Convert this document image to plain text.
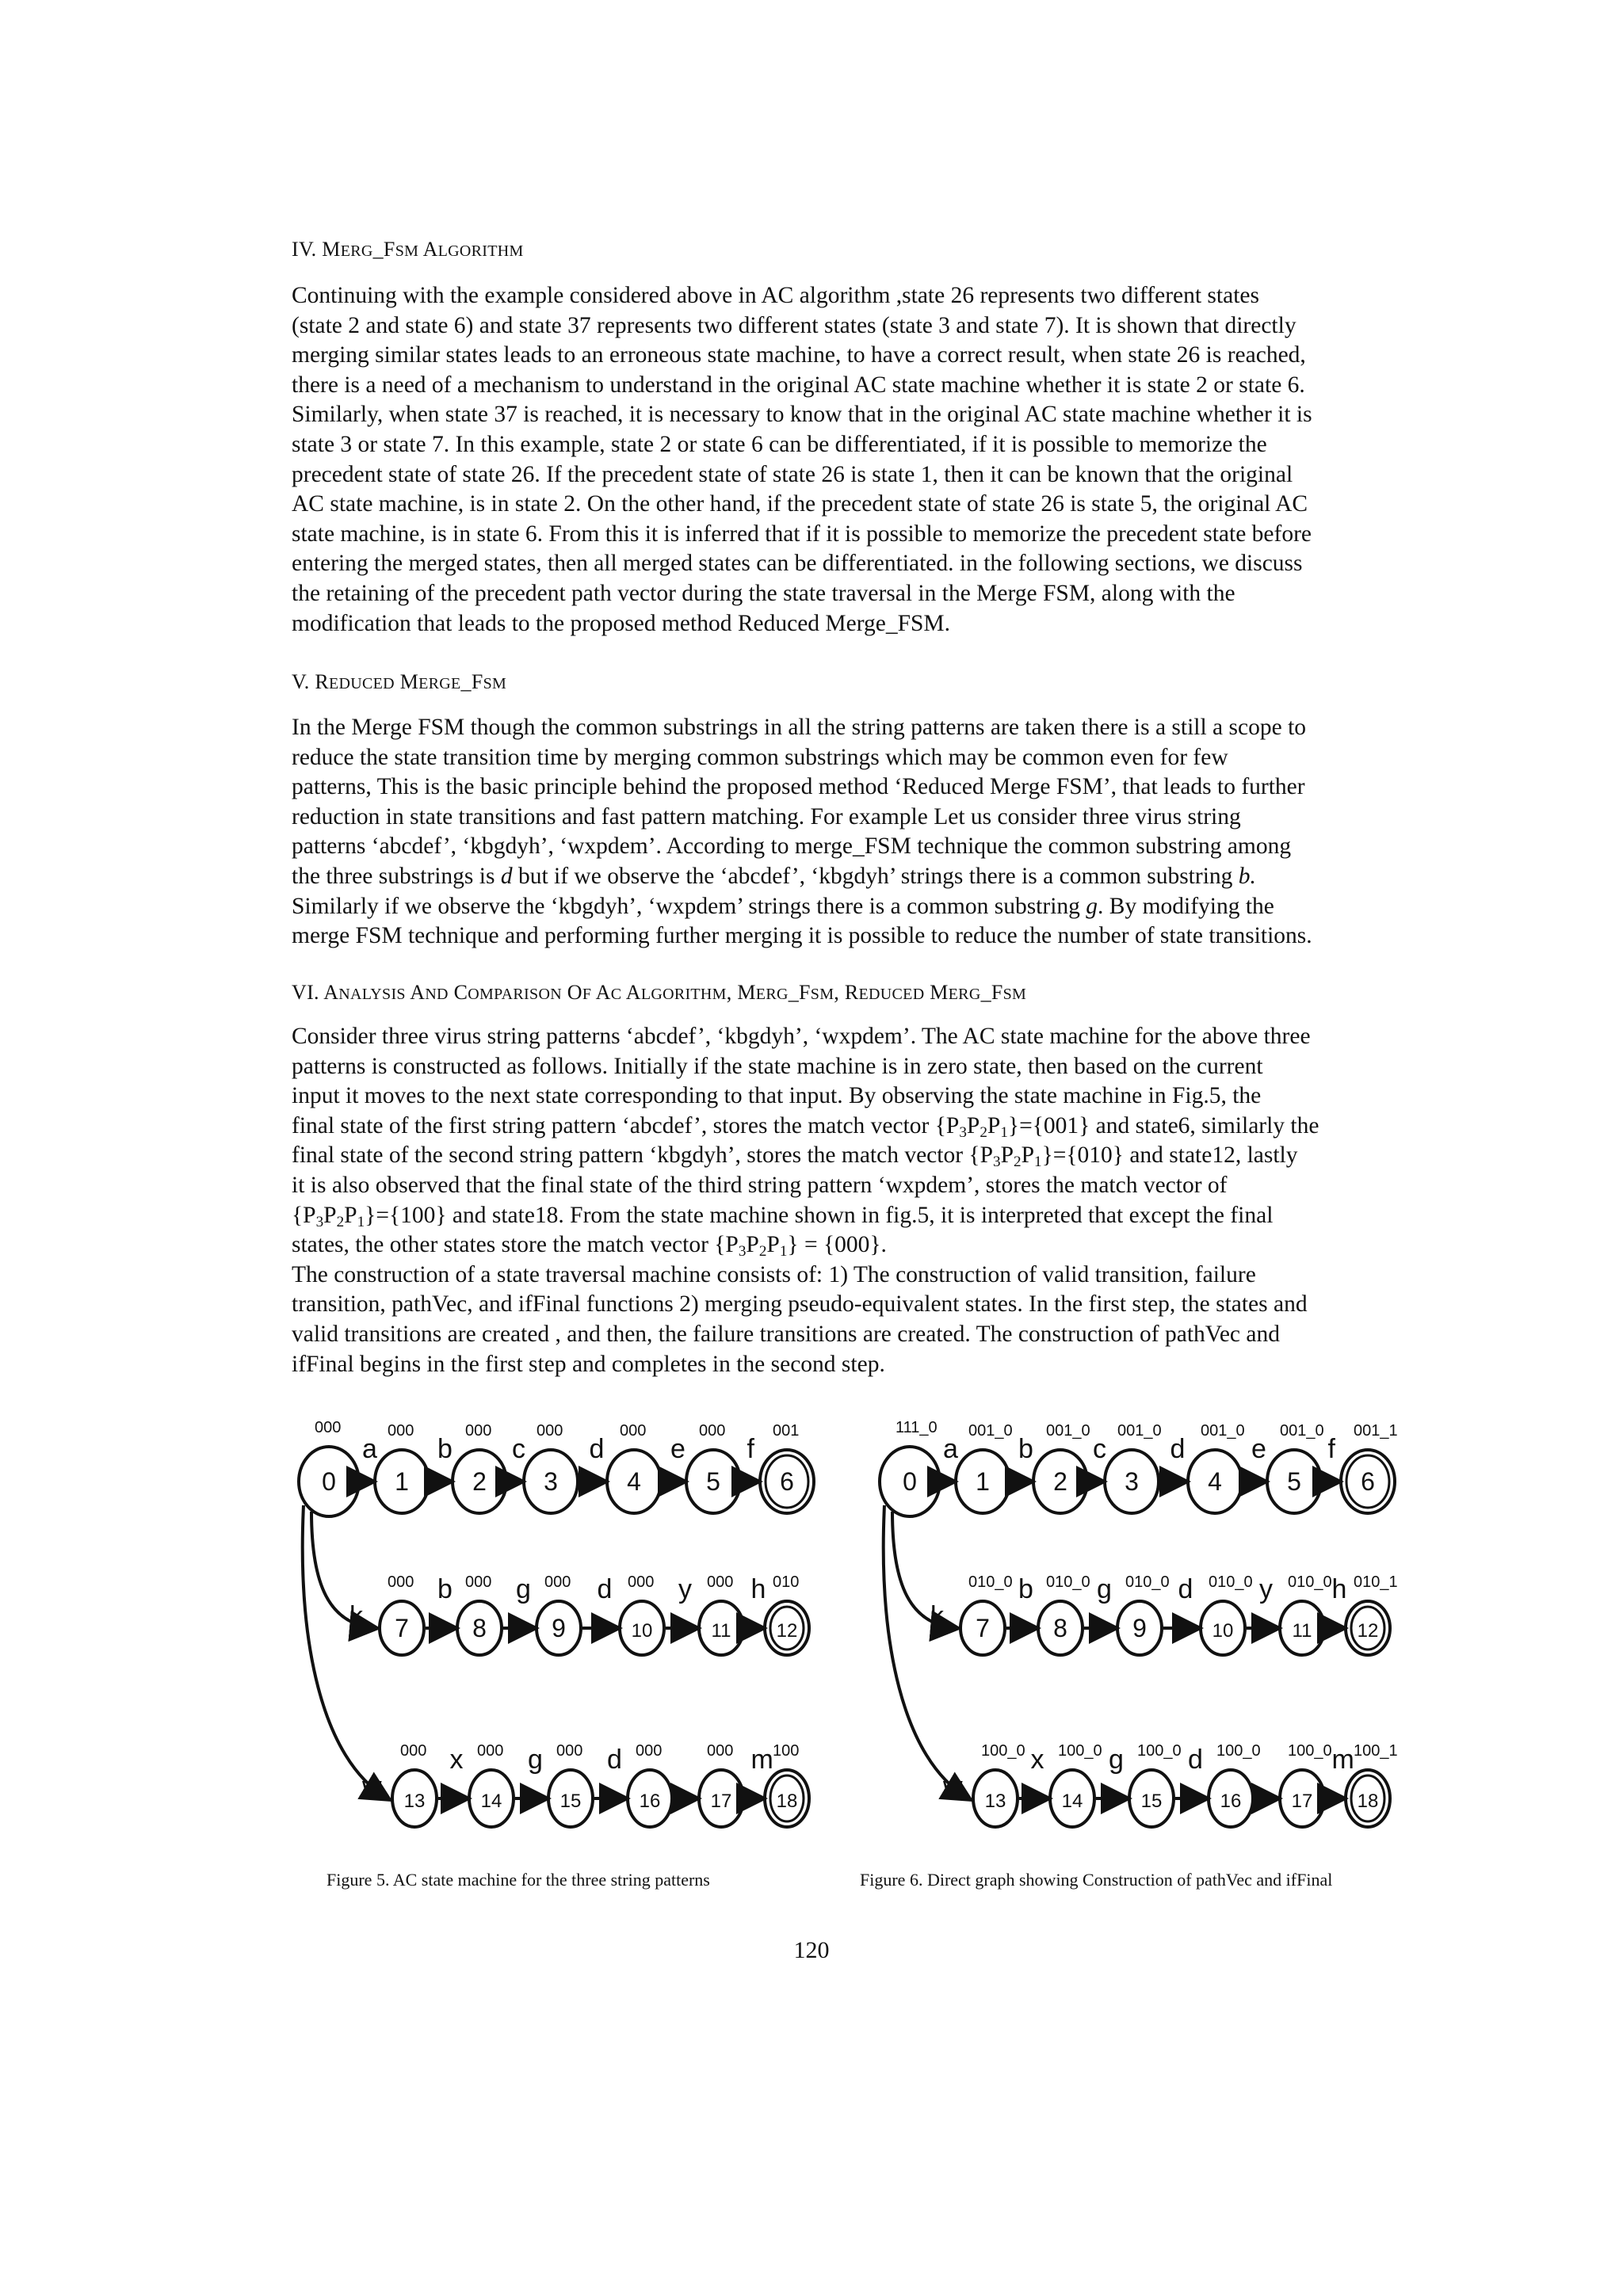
IV. MERG_FSM ALGORITHM

Continuing with the example considered above in AC algorithm ,state 26 represents two different states
(state 2 and state 6) and state 37 represents two different states (state 3 and state 7). It is shown that directly
merging similar states leads to an erroneous state machine, to have a correct result, when state 26 is reached,
there is a need of a mechanism to understand in the original AC state machine whether it is state 2 or state 6.
Similarly, when state 37 is reached, it is necessary to know that in the original AC state machine whether it is
state 3 or state 7. In this example, state 2 or state 6 can be differentiated, if it is possible to memorize the
precedent state of state 26. If the precedent state of state 26 is state 1, then it can be known that the original
AC state machine, is in state 2. On the other hand, if the precedent state of state 26 is state 5, the original AC
state machine, is in state 6. From this it is inferred that if it is possible to memorize the precedent state before
entering the merged states, then all merged states can be differentiated. in the following sections, we discuss
the retaining of the precedent path vector during the state traversal in the Merge FSM, along with the
modification that leads to the proposed method Reduced Merge_FSM.

V. REDUCED MERGE_FSM

In the Merge FSM though the common substrings in all the string patterns are taken there is a still a scope to
reduce the state transition time by merging common substrings which may be common even for few
patterns, This is the basic principle behind the proposed method ‘Reduced Merge FSM’, that leads to further
reduction in state transitions and fast pattern matching. For example Let us consider three virus string
patterns ‘abcdef’, ‘kbgdyh’, ‘wxpdem’. According to merge_FSM technique the common substring among
the three substrings is d but if we observe the ‘abcdef’, ‘kbgdyh’ strings there is a common substring b.
Similarly if we observe the ‘kbgdyh’, ‘wxpdem’ strings there is a common substring g. By modifying the
merge FSM technique and performing further merging it is possible to reduce the number of state transitions.

VI. ANALYSIS AND COMPARISON OF AC ALGORITHM, MERG_FSM, REDUCED MERG_FSM

Consider three virus string patterns ‘abcdef’, ‘kbgdyh’, ‘wxpdem’. The AC state machine for the above three
patterns is constructed as follows. Initially if the state machine is in zero state, then based on the current
input it moves to the next state corresponding to that input. By observing the state machine in Fig.5, the
final state of the first string pattern ‘abcdef’, stores the match vector $\{P_3P_2P_1\}=\{001\}$ and state6, similarly the
final state of the second string pattern ‘kbgdyh’, stores the match vector $\{P_3P_2P_1\}=\{010\}$ and state12, lastly
it is also observed that the final state of the third string pattern ‘wxpdem’, stores the match vector of
$\{P_3P_2P_1\}=\{100\}$ and state18. From the state machine shown in fig.5, it is interpreted that except the final
states, the other states store the match vector $\{P_3P_2P_1\} = \{000\}$.
The construction of a state traversal machine consists of: 1) The construction of valid transition, failure
transition, pathVec, and ifFinal functions 2) merging pseudo-equivalent states. In the first step, the states and
valid transitions are created , and then, the failure transitions are created. The construction of pathVec and
ifFinal begins in the first step and completes in the second step.

0
000
1
000
2
000
3
000
4
000
5
000
6
001
a b c d e f
7
000
8
000
9
000
10
000
11
000
12
010
k
b g d y h
13
000
14
000
15
000
16
000
17
000
18
100
w
x g d	m
0
111_0
1
001_0
2
001_0
3
001_0
4
001_0
5
001_0
6
001_1
a b c d e f
7
010_0
8
010_0
9
010_0
10
010_0
11
010_0
12
010_1
k
b g d y h
13
100_0
14
100_0
15
100_0
16
100_0
17
100_0
18
100_1
w
x g d	m
Figure 5. AC state machine for the three string patterns	Figure 6. Direct graph showing Construction of pathVec and ifFinal
120
